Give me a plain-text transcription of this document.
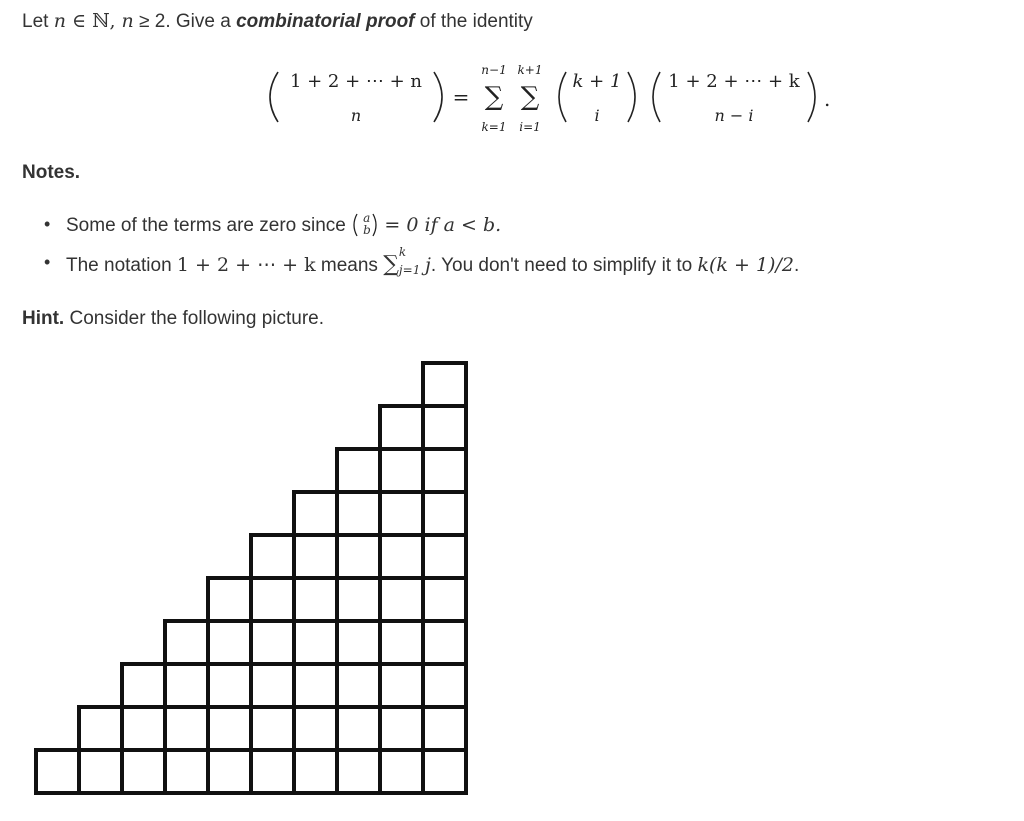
Let n ∈ ℕ, n ≥ 2. Give a combinatorial proof of the identity
1 + 2 + ⋯ + n
n
=
n−1
∑
k=1
k+1
∑
i=1
k + 1
i
1 + 2 + ⋯ + k
n − i
.
Notes.
• Some of the terms are zero since a
b = 0 if a < b.
• The notation 1 + 2 + ⋯ + k means ∑ k
j=1
j. You don't need to simplify it to k(k + 1)/2.
Hint. Consider the following picture.
